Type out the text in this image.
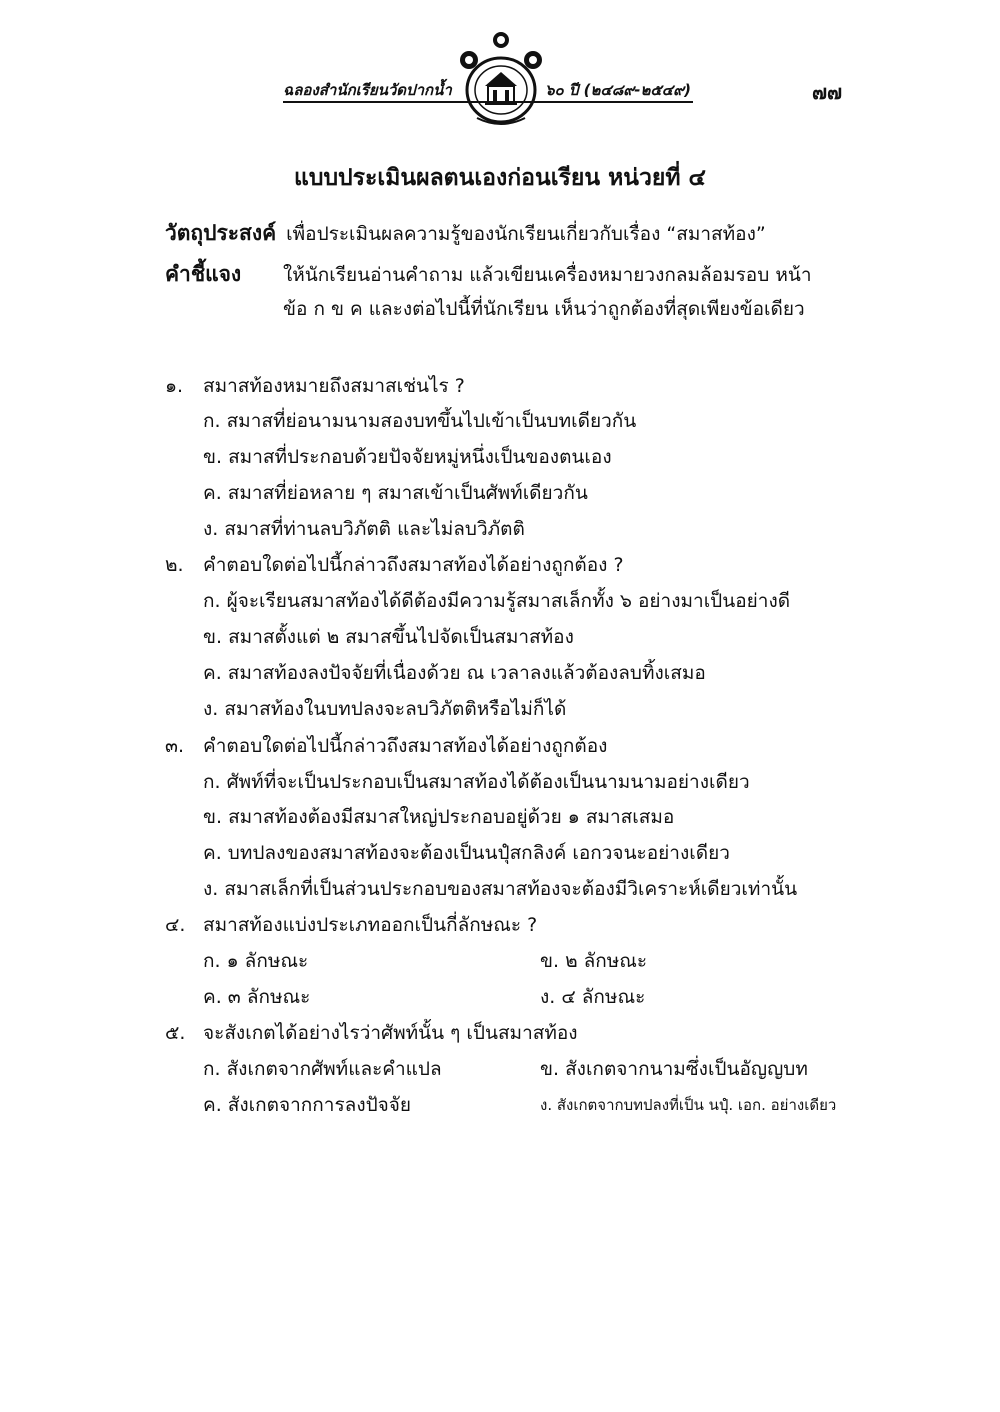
ฉลองสำนักเรียนวัดปากน้ำ	๖๐ ปี (๒๔๘๙-๒๕๔๙)	๗๗
แบบประเมินผลตนเองก่อนเรียน หน่วยที่ ๔
วัตถุประสงค์ เพื่อประเมินผลความรู้ของนักเรียนเกี่ยวกับเรื่อง “สมาสท้อง”
คำชี้แจง ให้นักเรียนอ่านคำถาม แล้วเขียนเครื่องหมายวงกลมล้อมรอบ หน้า
ข้อ ก ข ค และงต่อไปนี้ที่นักเรียน เห็นว่าถูกต้องที่สุดเพียงข้อเดียว
๑. สมาสท้องหมายถึงสมาสเช่นไร ?
ก. สมาสที่ย่อนามนามสองบทขึ้นไปเข้าเป็นบทเดียวกัน
ข. สมาสที่ประกอบด้วยปัจจัยหมู่หนึ่งเป็นของตนเอง
ค. สมาสที่ย่อหลาย ๆ สมาสเข้าเป็นศัพท์เดียวกัน
ง. สมาสที่ท่านลบวิภัตติ และไม่ลบวิภัตติ
๒. คำตอบใดต่อไปนี้กล่าวถึงสมาสท้องได้อย่างถูกต้อง ?
ก. ผู้จะเรียนสมาสท้องได้ดีต้องมีความรู้สมาสเล็กทั้ง ๖ อย่างมาเป็นอย่างดี
ข. สมาสตั้งแต่ ๒ สมาสขึ้นไปจัดเป็นสมาสท้อง
ค. สมาสท้องลงปัจจัยที่เนื่องด้วย ณ เวลาลงแล้วต้องลบทิ้งเสมอ
ง. สมาสท้องในบทปลงจะลบวิภัตติหรือไม่ก็ได้
๓. คำตอบใดต่อไปนี้กล่าวถึงสมาสท้องได้อย่างถูกต้อง
ก. ศัพท์ที่จะเป็นประกอบเป็นสมาสท้องได้ต้องเป็นนามนามอย่างเดียว
ข. สมาสท้องต้องมีสมาสใหญ่ประกอบอยู่ด้วย ๑ สมาสเสมอ
ค. บทปลงของสมาสท้องจะต้องเป็นนปุํสกลิงค์ เอกวจนะอย่างเดียว
ง. สมาสเล็กที่เป็นส่วนประกอบของสมาสท้องจะต้องมีวิเคราะห์เดียวเท่านั้น
๔. สมาสท้องแบ่งประเภทออกเป็นกี่ลักษณะ ?
ก. ๑ ลักษณะ	ข. ๒ ลักษณะ
ค. ๓ ลักษณะ	ง. ๔ ลักษณะ
๕. จะสังเกตได้อย่างไรว่าศัพท์นั้น ๆ เป็นสมาสท้อง
ก. สังเกตจากศัพท์และคำแปล	ข. สังเกตจากนามซึ่งเป็นอัญญบท
ค. สังเกตจากการลงปัจจัย	ง. สังเกตจากบทปลงที่เป็น นปุํ. เอก. อย่างเดียว
